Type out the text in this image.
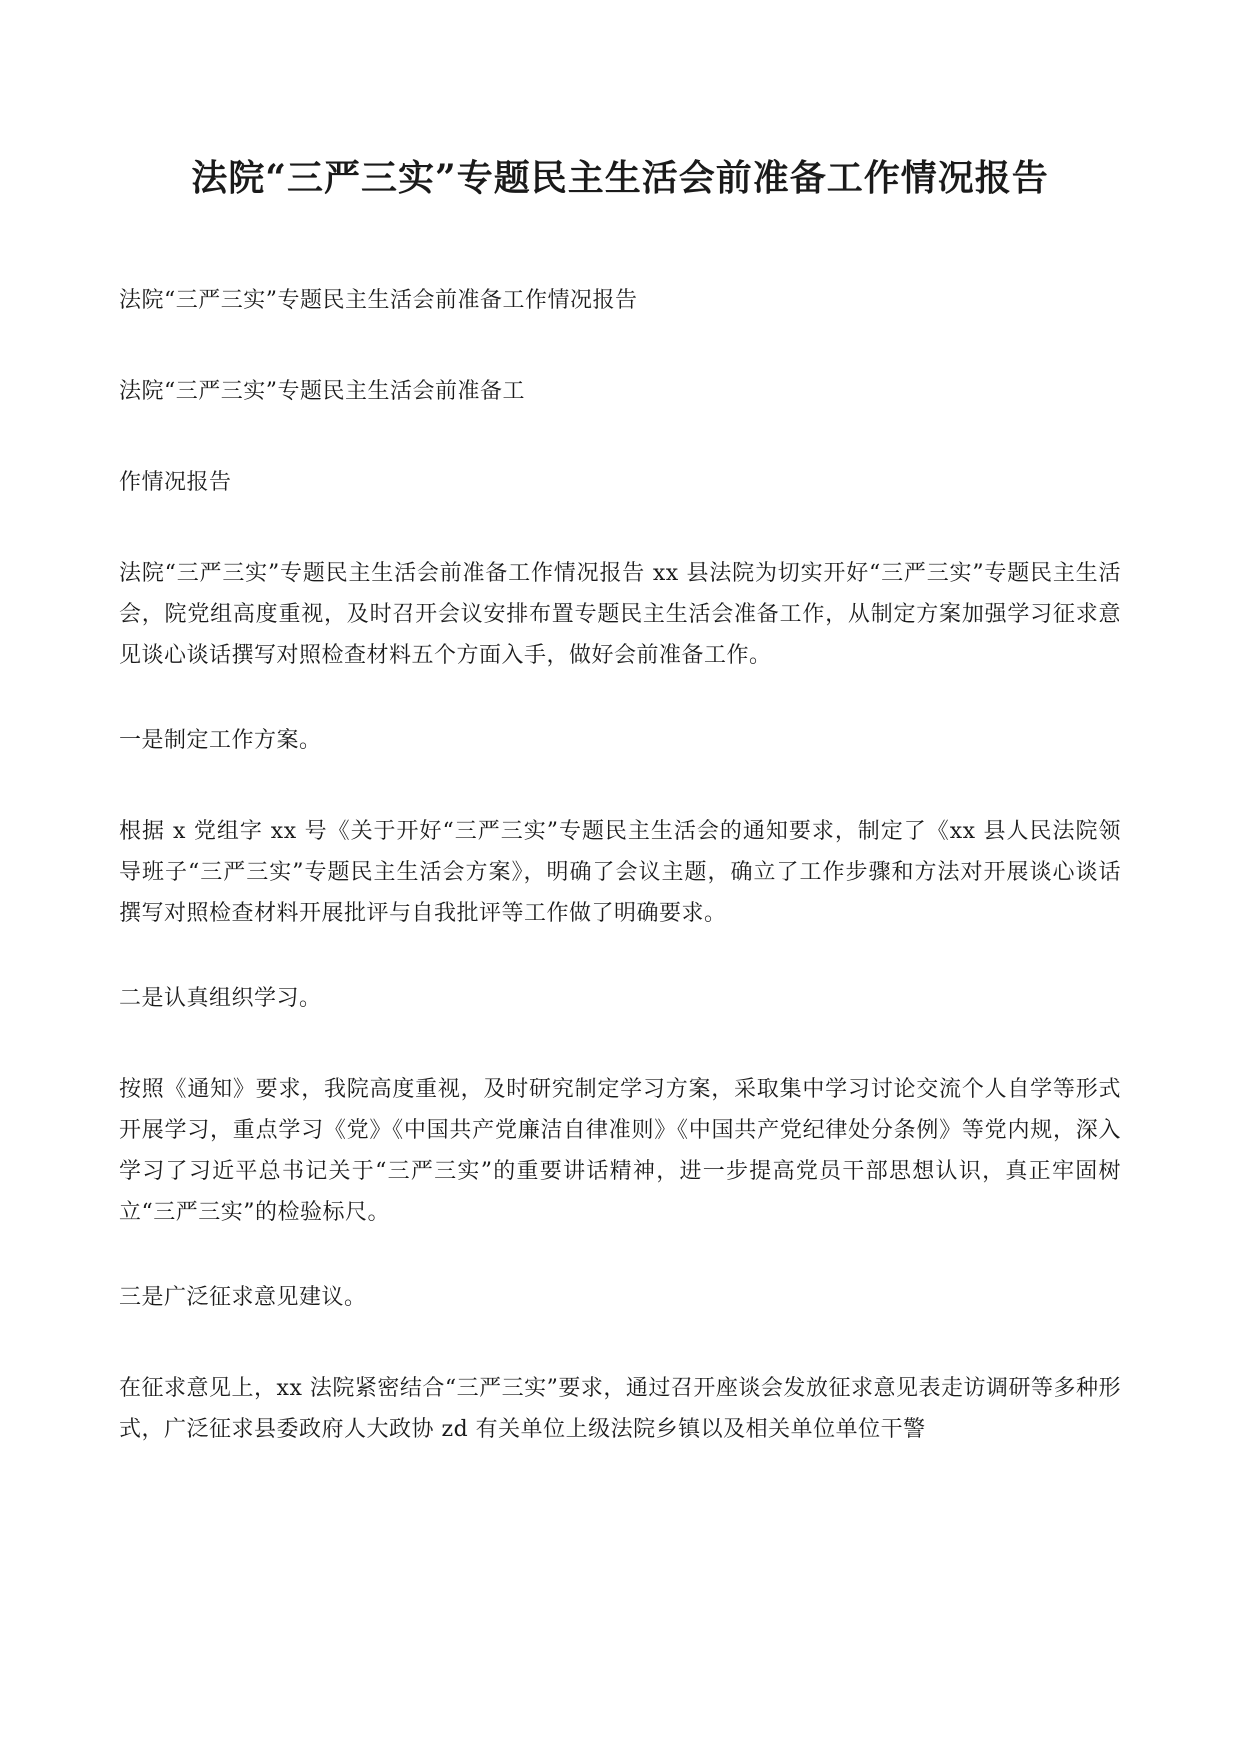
法院“三严三实”专题民主生活会前准备工作情况报告

法院“三严三实”专题民主生活会前准备工作情况报告

法院“三严三实”专题民主生活会前准备工

作情况报告

法院“三严三实”专题民主生活会前准备工作情况报告 xx 县法院为切实开好“三严三实”专题民主生活会，院党组高度重视，及时召开会议安排布置专题民主生活会准备工作，从制定方案加强学习征求意见谈心谈话撰写对照检查材料五个方面入手，做好会前准备工作。

一是制定工作方案。

根据 x 党组字 xx 号《关于开好“三严三实”专题民主生活会的通知要求，制定了《xx 县人民法院领导班子“三严三实”专题民主生活会方案》，明确了会议主题，确立了工作步骤和方法对开展谈心谈话撰写对照检查材料开展批评与自我批评等工作做了明确要求。

二是认真组织学习。

按照《通知》要求，我院高度重视，及时研究制定学习方案，采取集中学习讨论交流个人自学等形式开展学习，重点学习《党》《中国共产党廉洁自律准则》《中国共产党纪律处分条例》等党内规，深入学习了习近平总书记关于“三严三实”的重要讲话精神，进一步提高党员干部思想认识，真正牢固树立“三严三实”的检验标尺。

三是广泛征求意见建议。

在征求意见上，xx 法院紧密结合“三严三实”要求，通过召开座谈会发放征求意见表走访调研等多种形式，广泛征求县委政府人大政协 zd 有关单位上级法院乡镇以及相关单位单位干警
